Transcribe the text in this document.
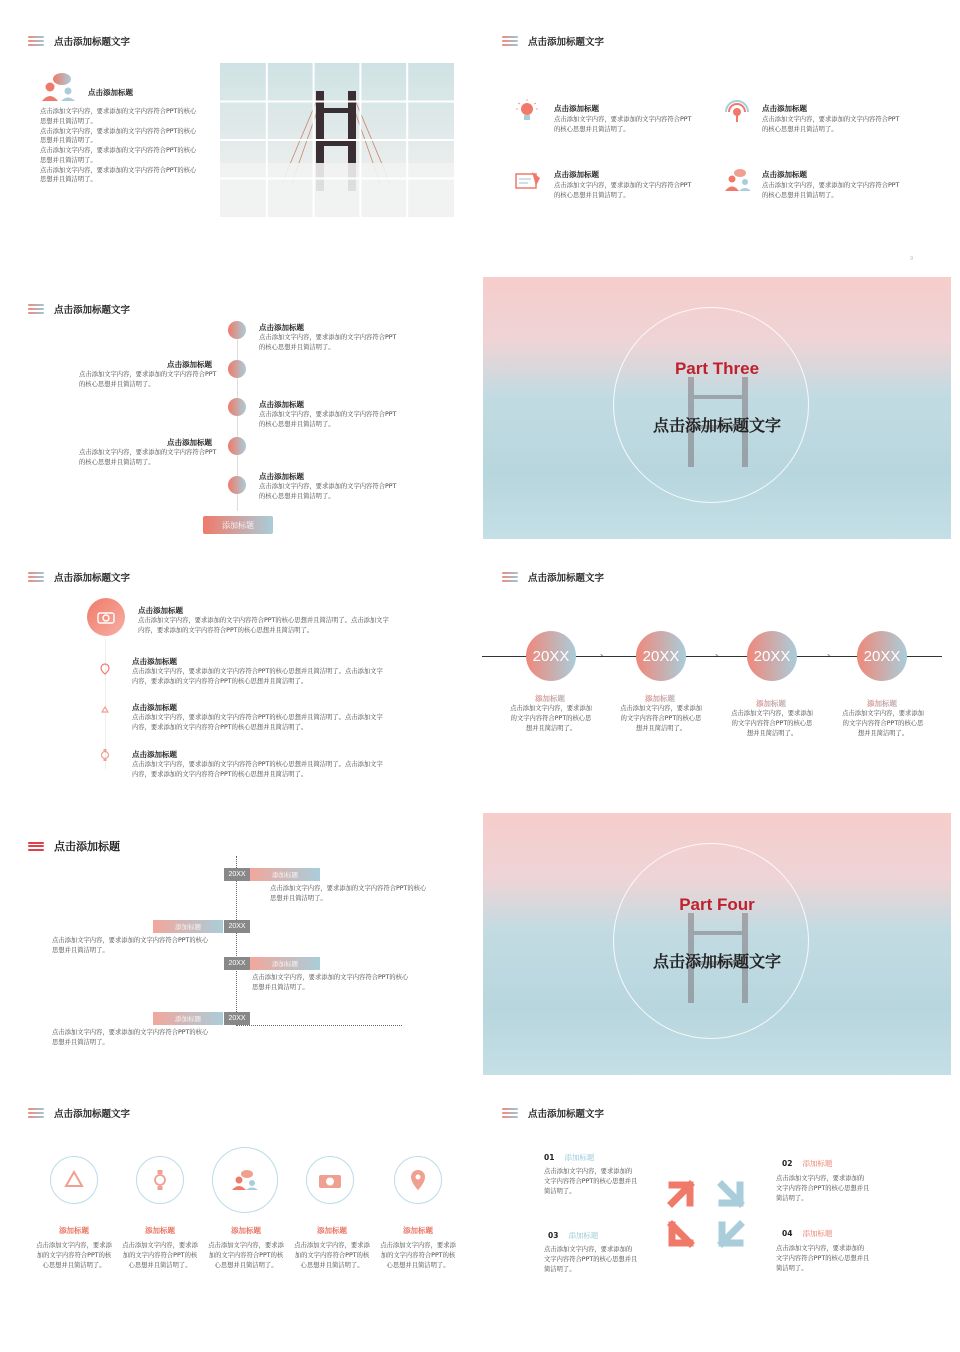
点击添加标题文字
点击添加标题

点击添加文字内容，要求添加的文字内容符合PPT的核心思想并且简洁明了。

点击添加文字内容，要求添加的文字内容符合PPT的核心思想并且简洁明了。

点击添加文字内容，要求添加的文字内容符合PPT的核心思想并且简洁明了。

点击添加文字内容，要求添加的文字内容符合PPT的核心思想并且简洁明了。

点击添加标题文字
点击添加标题
点击添加文字内容，要求添加的文字内容符合PPT的核心思想并且简洁明了。
点击添加标题
点击添加文字内容，要求添加的文字内容符合PPT的核心思想并且简洁明了。
点击添加标题
点击添加文字内容，要求添加的文字内容符合PPT的核心思想并且简洁明了。
点击添加标题
点击添加文字内容，要求添加的文字内容符合PPT的核心思想并且简洁明了。
9
点击添加标题文字
点击添加标题
点击添加文字内容，要求添加的文字内容符合PPT的核心思想并且简洁明了。
点击添加标题
点击添加文字内容，要求添加的文字内容符合PPT的核心思想并且简洁明了。
点击添加标题
点击添加文字内容，要求添加的文字内容符合PPT的核心思想并且简洁明了。
点击添加标题
点击添加文字内容，要求添加的文字内容符合PPT的核心思想并且简洁明了。
点击添加标题
点击添加文字内容，要求添加的文字内容符合PPT的核心思想并且简洁明了。
添加标题
Part Three
点击添加标题文字
点击添加标题文字
点击添加标题
点击添加文字内容，要求添加的文字内容符合PPT的核心思想并且简洁明了。点击添加文字内容，要求添加的文字内容符合PPT的核心思想并且简洁明了。
点击添加标题
点击添加文字内容，要求添加的文字内容符合PPT的核心思想并且简洁明了。点击添加文字内容，要求添加的文字内容符合PPT的核心思想并且简洁明了。
点击添加标题
点击添加文字内容，要求添加的文字内容符合PPT的核心思想并且简洁明了。点击添加文字内容，要求添加的文字内容符合PPT的核心思想并且简洁明了。
点击添加标题
点击添加文字内容，要求添加的文字内容符合PPT的核心思想并且简洁明了。点击添加文字内容，要求添加的文字内容符合PPT的核心思想并且简洁明了。
点击添加标题文字
20XX	20XX	20XX	20XX
›	›	›
添加标题
点击添加文字内容，要求添加的文字内容符合PPT的核心思想并且简洁明了。
添加标题
点击添加文字内容，要求添加的文字内容符合PPT的核心思想并且简洁明了。
添加标题
点击添加文字内容，要求添加的文字内容符合PPT的核心思想并且简洁明了。
添加标题
点击添加文字内容，要求添加的文字内容符合PPT的核心思想并且简洁明了。
点击添加标题
20XX	添加标题
点击添加文字内容，要求添加的文字内容符合PPT的核心思想并且简洁明了。
添加标题	20XX
点击添加文字内容，要求添加的文字内容符合PPT的核心思想并且简洁明了。
20XX	添加标题
点击添加文字内容，要求添加的文字内容符合PPT的核心思想并且简洁明了。
添加标题	20XX
点击添加文字内容，要求添加的文字内容符合PPT的核心思想并且简洁明了。
Part Four
点击添加标题文字
点击添加标题文字
添加标题
点击添加文字内容，要求添加的文字内容符合PPT的核心思想并且简洁明了。
添加标题
点击添加文字内容，要求添加的文字内容符合PPT的核心思想并且简洁明了。
添加标题
点击添加文字内容，要求添加的文字内容符合PPT的核心思想并且简洁明了。
添加标题
点击添加文字内容，要求添加的文字内容符合PPT的核心思想并且简洁明了。
添加标题
点击添加文字内容，要求添加的文字内容符合PPT的核心思想并且简洁明了。
点击添加标题文字
01 添加标题
点击添加文字内容，要求添加的文字内容符合PPT的核心思想并且简洁明了。
02 添加标题
点击添加文字内容，要求添加的文字内容符合PPT的核心思想并且简洁明了。
03 添加标题
点击添加文字内容，要求添加的文字内容符合PPT的核心思想并且简洁明了。
04 添加标题
点击添加文字内容，要求添加的文字内容符合PPT的核心思想并且简洁明了。
